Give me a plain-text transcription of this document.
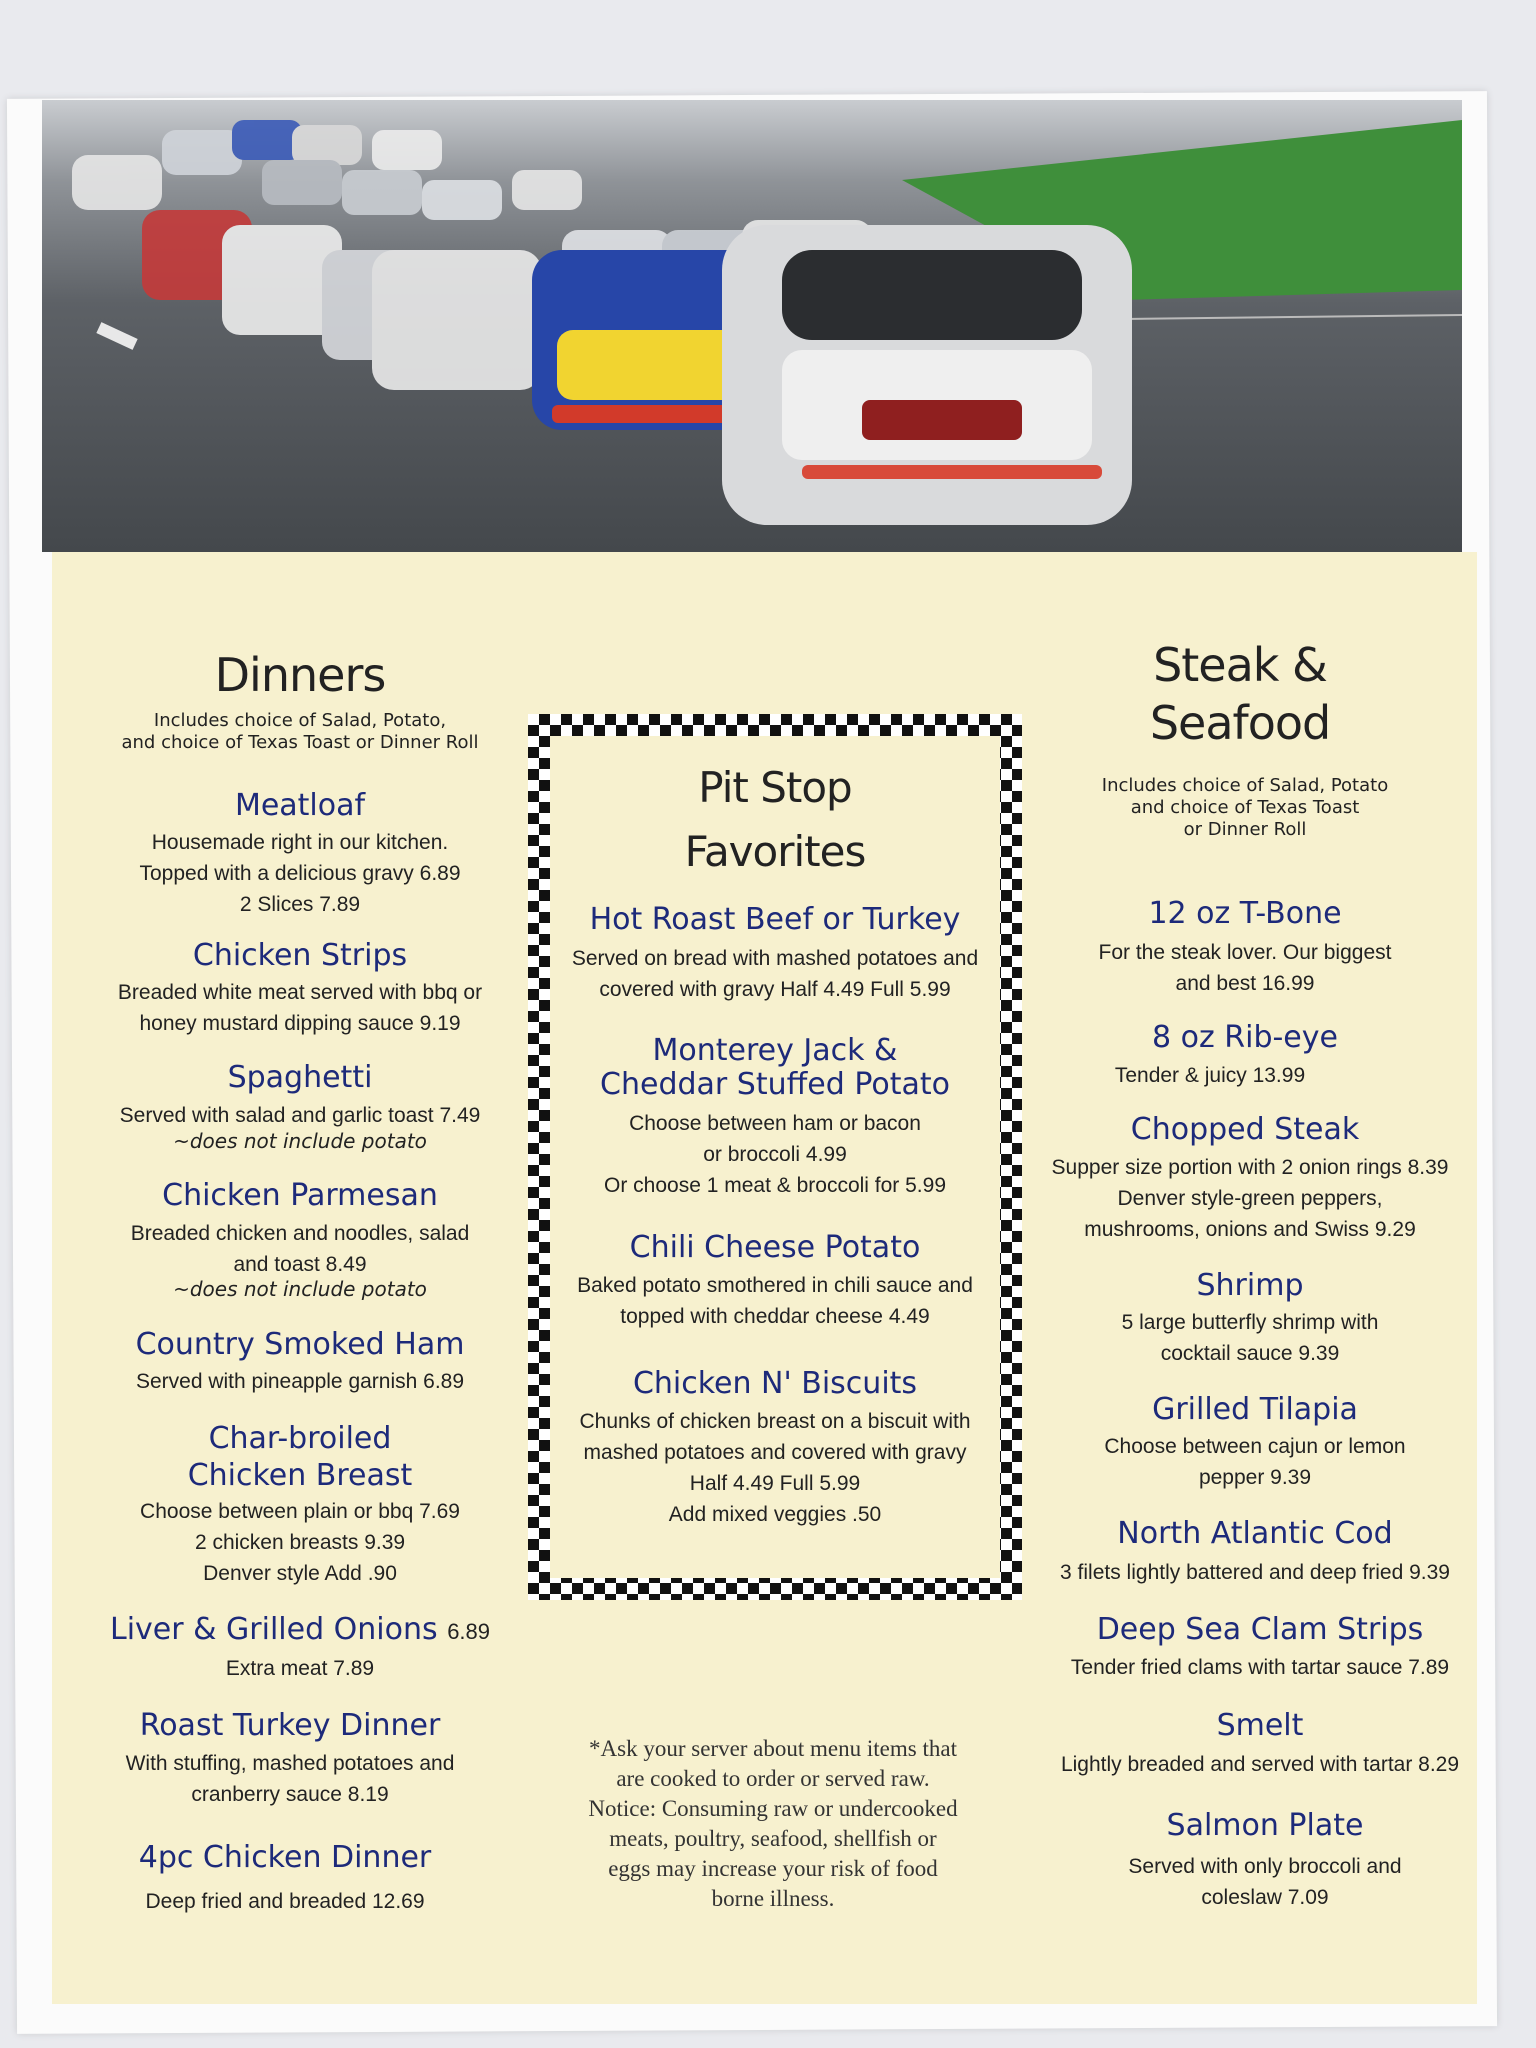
Dinners
Includes choice of Salad, Potato,
and choice of Texas Toast or Dinner Roll
Meatloaf
Housemade right in our kitchen.
Topped with a delicious gravy 6.89
2 Slices 7.89
Chicken Strips
Breaded white meat served with bbq or
honey mustard dipping sauce 9.19
Spaghetti
Served with salad and garlic toast 7.49
~does not include potato
Chicken Parmesan
Breaded chicken and noodles, salad
and toast 8.49
~does not include potato
Country Smoked Ham
Served with pineapple garnish 6.89
Char-broiled
Chicken Breast
Choose between plain or bbq 7.69
2 chicken breasts 9.39
Denver style Add .90
Liver & Grilled Onions 6.89
Extra meat 7.89
Roast Turkey Dinner
With stuffing, mashed potatoes and
cranberry sauce 8.19
4pc Chicken Dinner
Deep fried and breaded 12.69
Pit Stop
Favorites
Hot Roast Beef or Turkey
Served on bread with mashed potatoes and
covered with gravy Half 4.49 Full 5.99
Monterey Jack &
Cheddar Stuffed Potato
Choose between ham or bacon
or broccoli 4.99
Or choose 1 meat & broccoli for 5.99
Chili Cheese Potato
Baked potato smothered in chili sauce and
topped with cheddar cheese 4.49
Chicken N' Biscuits
Chunks of chicken breast on a biscuit with
mashed potatoes and covered with gravy
Half 4.49 Full 5.99
Add mixed veggies .50
*Ask your server about menu items that
are cooked to order or served raw.
Notice: Consuming raw or undercooked
meats, poultry, seafood, shellfish or
eggs may increase your risk of food
borne illness.
Steak &
Seafood
Includes choice of Salad, Potato
and choice of Texas Toast
or Dinner Roll
12 oz T-Bone
For the steak lover. Our biggest
and best 16.99
8 oz Rib-eye
Tender & juicy 13.99
Chopped Steak
Supper size portion with 2 onion rings 8.39
Denver style-green peppers,
mushrooms, onions and Swiss 9.29
Shrimp
5 large butterfly shrimp with
cocktail sauce 9.39
Grilled Tilapia
Choose between cajun or lemon
pepper 9.39
North Atlantic Cod
3 filets lightly battered and deep fried 9.39
Deep Sea Clam Strips
Tender fried clams with tartar sauce 7.89
Smelt
Lightly breaded and served with tartar 8.29
Salmon Plate
Served with only broccoli and
coleslaw 7.09
